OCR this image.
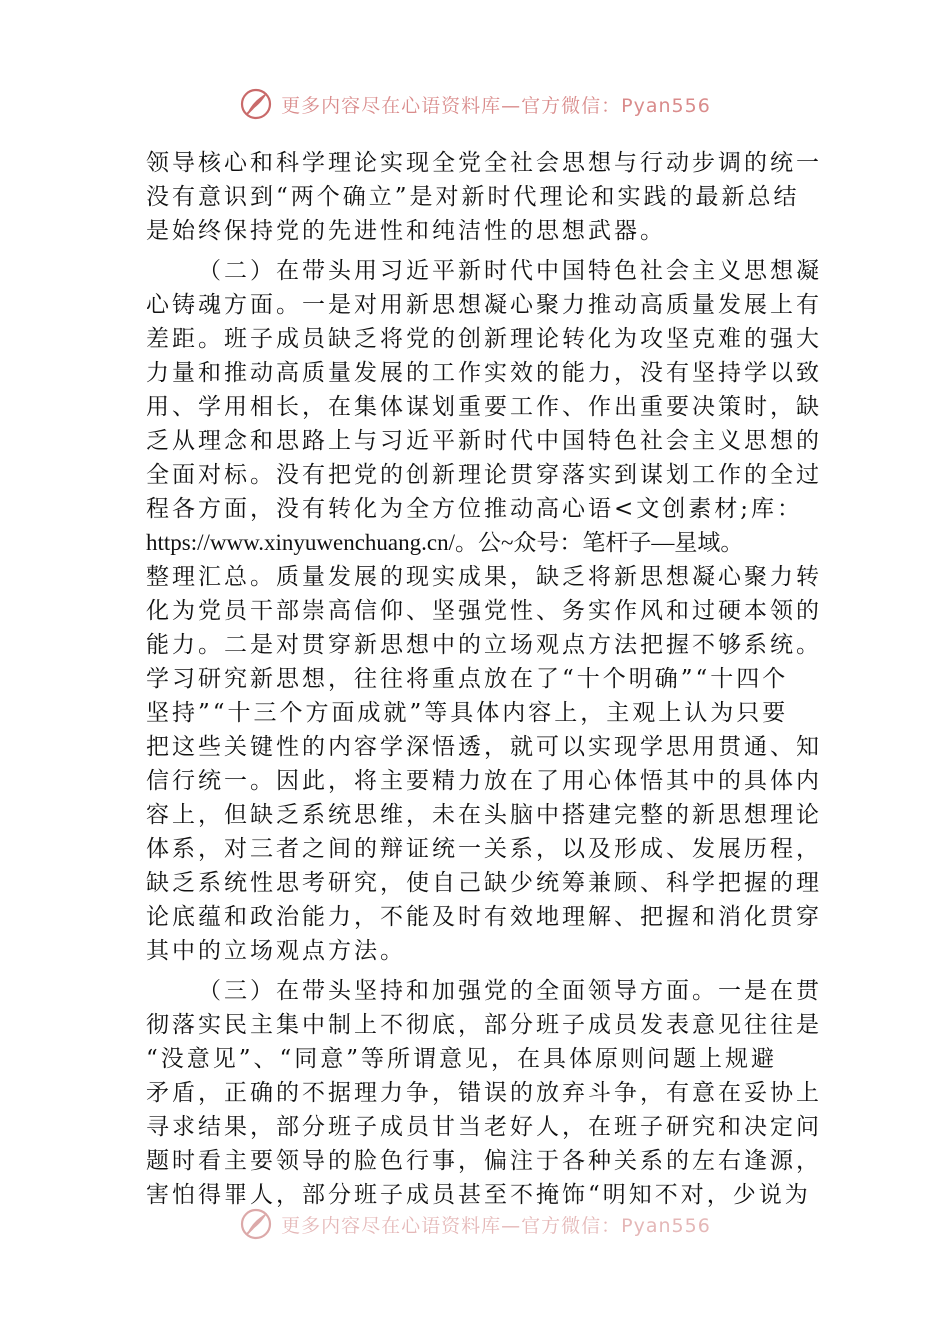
更多内容尽在心语资料库—官方微信：Pyan556

领导核心和科学理论实现全党全社会思想与行动步调的统一
没有意识到“两个确立”是对新时代理论和实践的最新总结
是始终保持党的先进性和纯洁性的思想武器。

（二）在带头用习近平新时代中国特色社会主义思想凝
心铸魂方面。一是对用新思想凝心聚力推动高质量发展上有
差距。班子成员缺乏将党的创新理论转化为攻坚克难的强大
力量和推动高质量发展的工作实效的能力，没有坚持学以致
用、学用相长，在集体谋划重要工作、作出重要决策时，缺
乏从理念和思路上与习近平新时代中国特色社会主义思想的
全面对标。没有把党的创新理论贯穿落实到谋划工作的全过
程各方面，没有转化为全方位推动高心语<文创素材;库：
https://www.xinyuwenchuang.cn/。公~众号：笔杆子—星域。
整理汇总。质量发展的现实成果，缺乏将新思想凝心聚力转
化为党员干部崇高信仰、坚强党性、务实作风和过硬本领的
能力。二是对贯穿新思想中的立场观点方法把握不够系统。
学习研究新思想，往往将重点放在了“十个明确”“十四个
坚持”“十三个方面成就”等具体内容上，主观上认为只要
把这些关键性的内容学深悟透，就可以实现学思用贯通、知
信行统一。因此，将主要精力放在了用心体悟其中的具体内
容上，但缺乏系统思维，未在头脑中搭建完整的新思想理论
体系，对三者之间的辩证统一关系，以及形成、发展历程，
缺乏系统性思考研究，使自己缺少统筹兼顾、科学把握的理
论底蕴和政治能力，不能及时有效地理解、把握和消化贯穿
其中的立场观点方法。

（三）在带头坚持和加强党的全面领导方面。一是在贯
彻落实民主集中制上不彻底，部分班子成员发表意见往往是
“没意见”、“同意”等所谓意见，在具体原则问题上规避
矛盾，正确的不据理力争，错误的放弃斗争，有意在妥协上
寻求结果，部分班子成员甘当老好人，在班子研究和决定问
题时看主要领导的脸色行事，偏注于各种关系的左右逢源，
害怕得罪人，部分班子成员甚至不掩饰“明知不对，少说为

更多内容尽在心语资料库—官方微信：Pyan556
